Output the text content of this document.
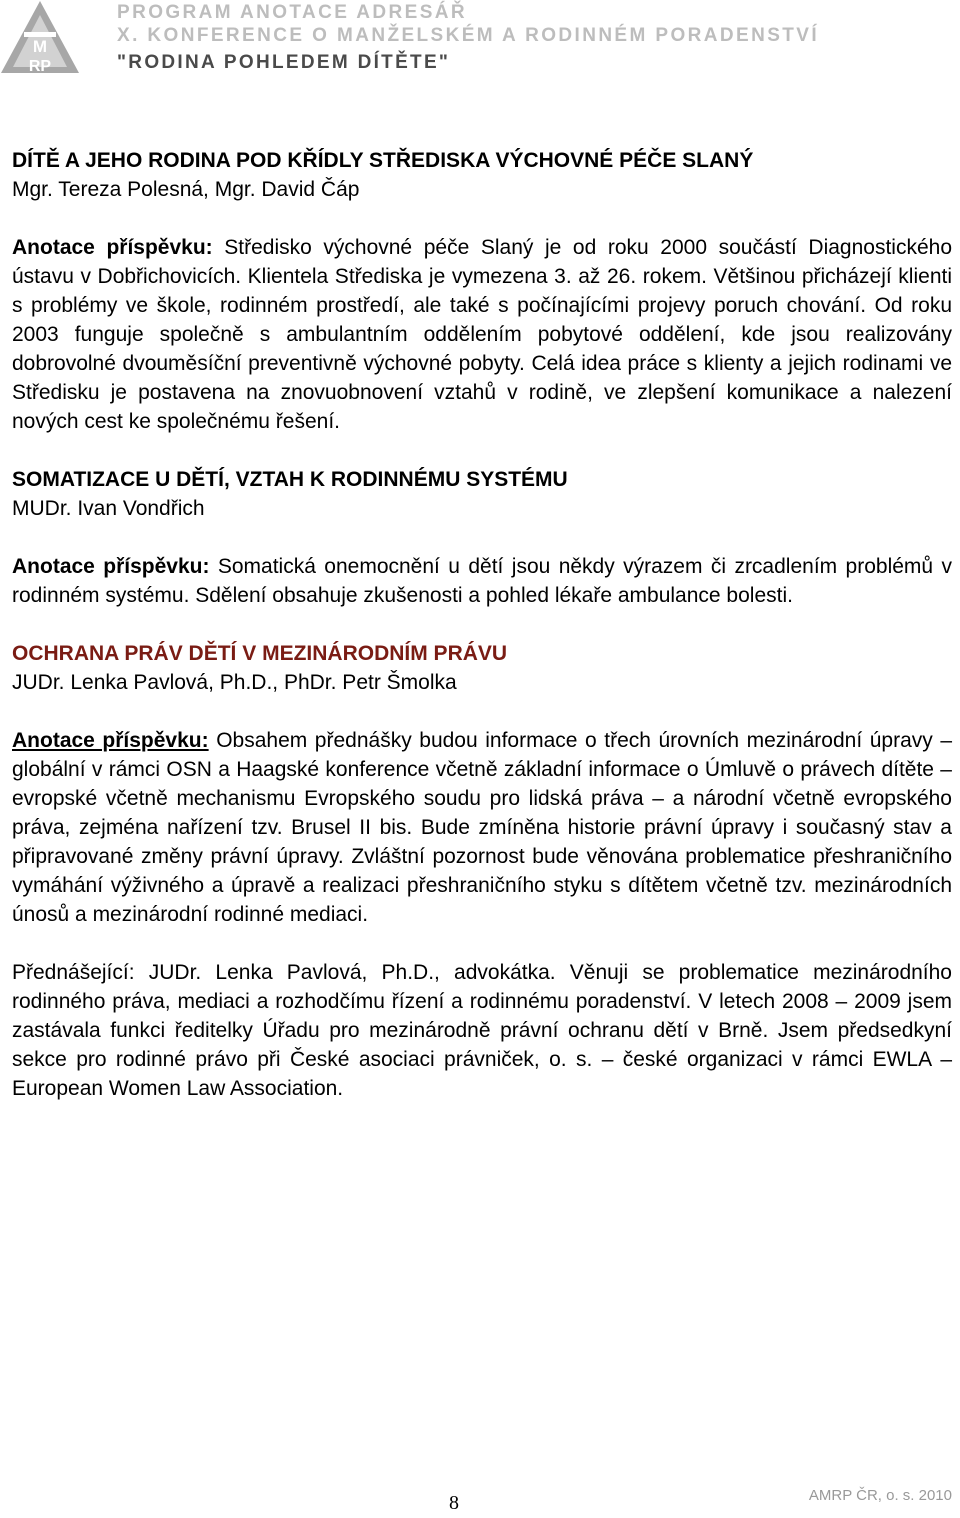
M
RP

PROGRAM ANOTACE ADRESÁŘ

X. KONFERENCE O MANŽELSKÉM A RODINNÉM PORADENSTVÍ

"RODINA POHLEDEM DÍTĚTE"

DÍTĚ A JEHO RODINA POD KŘÍDLY STŘEDISKA VÝCHOVNÉ PÉČE SLANÝ

Mgr. Tereza Polesná, Mgr. David Čáp

Anotace příspěvku: Středisko výchovné péče Slaný je od roku 2000 součástí Diagnostického ústavu v Dobřichovicích. Klientela Střediska je vymezena 3. až 26. rokem. Většinou přicházejí klienti s problémy ve škole, rodinném prostředí, ale také s počínajícími projevy poruch chování. Od roku 2003 funguje společně s ambulantním oddělením pobytové oddělení, kde jsou realizovány dobrovolné dvouměsíční preventivně výchovné pobyty. Celá idea práce s klienty a jejich rodinami ve Středisku je postavena na znovuobnovení vztahů v rodině, ve zlepšení komunikace a nalezení nových cest ke společnému řešení.

SOMATIZACE U DĚTÍ, VZTAH K RODINNÉMU SYSTÉMU

MUDr. Ivan Vondřich

Anotace příspěvku: Somatická onemocnění u dětí jsou někdy výrazem či zrcadlením problémů v rodinném systému. Sdělení obsahuje zkušenosti a pohled lékaře ambulance bolesti.

OCHRANA PRÁV DĚTÍ V MEZINÁRODNÍM PRÁVU

JUDr. Lenka Pavlová, Ph.D., PhDr. Petr Šmolka

Anotace příspěvku: Obsahem přednášky budou informace o třech úrovních mezinárodní úpravy – globální v rámci OSN a Haagské konference včetně základní informace o Úmluvě o právech dítěte – evropské včetně mechanismu Evropského soudu pro lidská práva – a národní včetně evropského práva, zejména nařízení tzv. Brusel II bis. Bude zmíněna historie právní úpravy i současný stav a připravované změny právní úpravy. Zvláštní pozornost bude věnována problematice přeshraničního vymáhání výživného a úpravě a realizaci přeshraničního styku s dítětem včetně tzv. mezinárodních únosů a mezinárodní rodinné mediaci.

Přednášející: JUDr. Lenka Pavlová, Ph.D., advokátka. Věnuji se problematice mezinárodního rodinného práva, mediaci a rozhodčímu řízení a rodinnému poradenství. V letech 2008 – 2009 jsem zastávala funkci ředitelky Úřadu pro mezinárodně právní ochranu dětí v Brně. Jsem předsedkyní sekce pro rodinné právo při České asociaci právniček, o. s. – české organizaci v rámci EWLA – European Women Law Association.

8	AMRP ČR, o. s. 2010
